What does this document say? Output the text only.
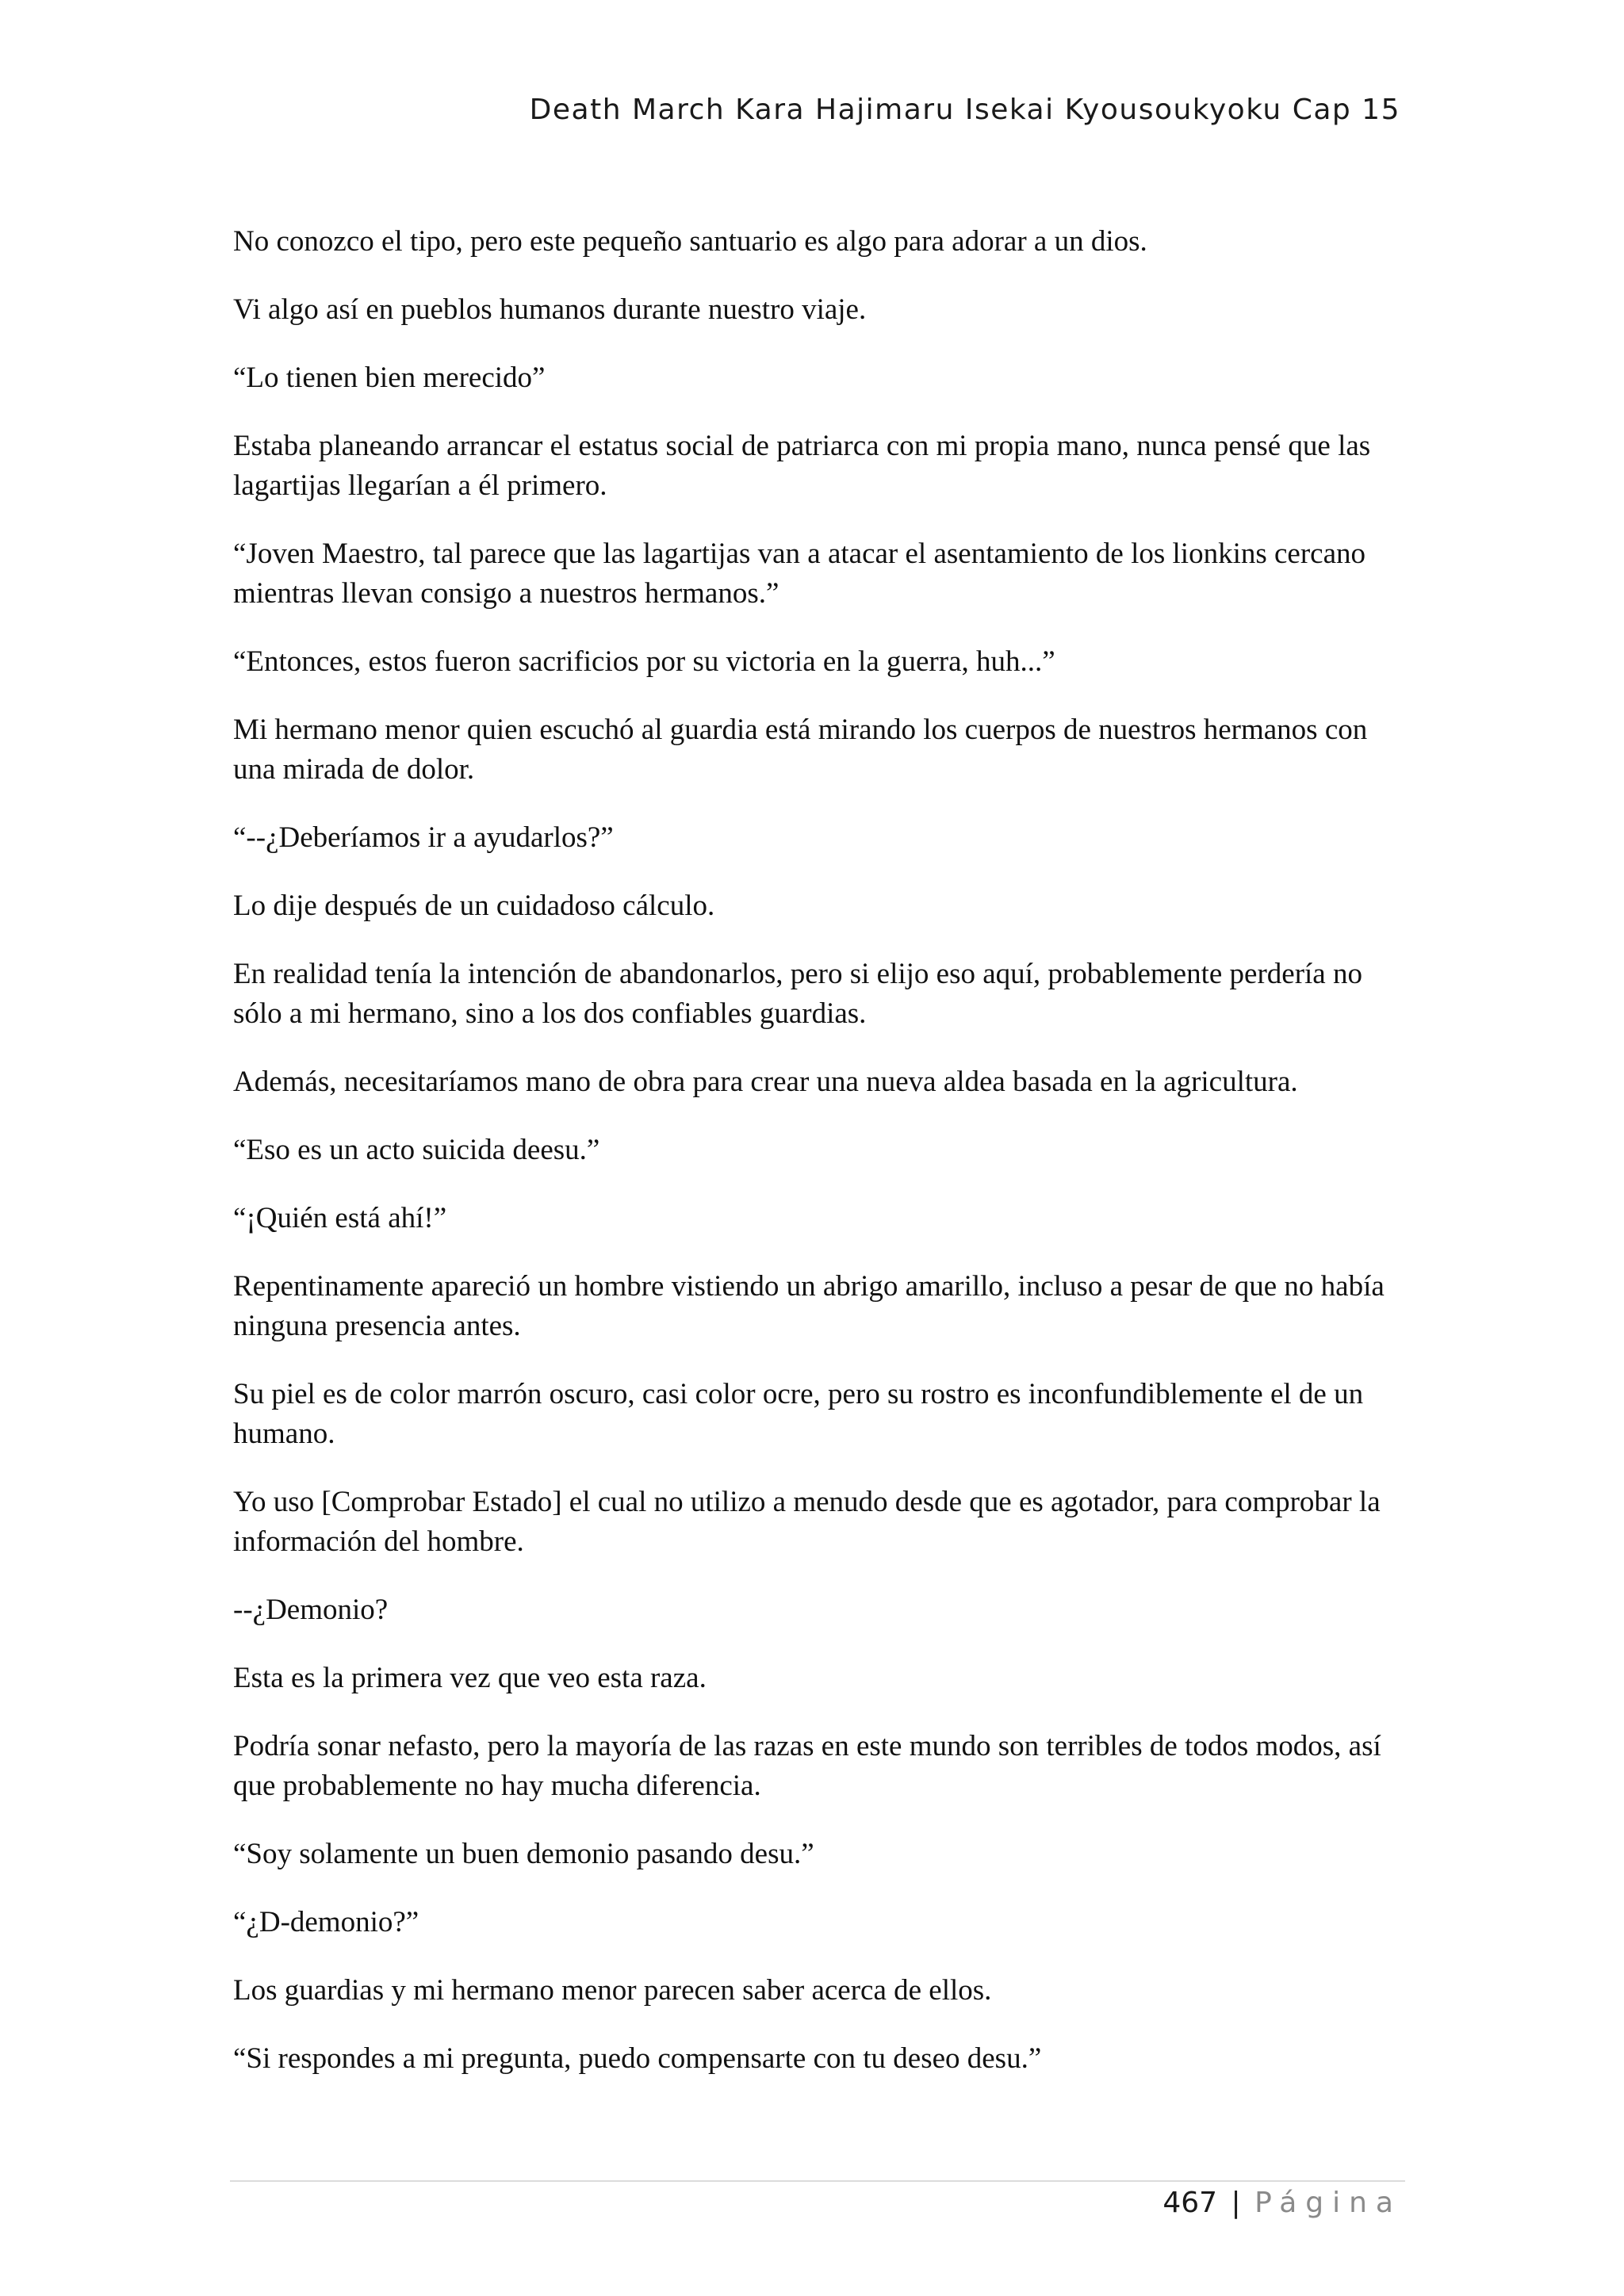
Death March Kara Hajimaru Isekai Kyousoukyoku Cap 15

No conozco el tipo, pero este pequeño santuario es algo para adorar a un dios.

Vi algo así en pueblos humanos durante nuestro viaje.

“Lo tienen bien merecido”

Estaba planeando arrancar el estatus social de patriarca con mi propia mano, nunca pensé que las lagartijas llegarían a él primero.

“Joven Maestro, tal parece que las lagartijas van a atacar el asentamiento de los lionkins cercano mientras llevan consigo a nuestros hermanos.”

“Entonces, estos fueron sacrificios por su victoria en la guerra, huh...”

Mi hermano menor quien escuchó al guardia está mirando los cuerpos de nuestros hermanos con una mirada de dolor.

“--¿Deberíamos ir a ayudarlos?”

Lo dije después de un cuidadoso cálculo.

En realidad tenía la intención de abandonarlos, pero si elijo eso aquí, probablemente perdería no sólo a mi hermano, sino a los dos confiables guardias.

Además, necesitaríamos mano de obra para crear una nueva aldea basada en la agricultura.

“Eso es un acto suicida deesu.”

“¡Quién está ahí!”

Repentinamente apareció un hombre vistiendo un abrigo amarillo, incluso a pesar de que no había ninguna presencia antes.

Su piel es de color marrón oscuro, casi color ocre, pero su rostro es inconfundiblemente el de un humano.

Yo uso [Comprobar Estado] el cual no utilizo a menudo desde que es agotador, para comprobar la información del hombre.

--¿Demonio?

Esta es la primera vez que veo esta raza.

Podría sonar nefasto, pero la mayoría de las razas en este mundo son terribles de todos modos, así que probablemente no hay mucha diferencia.

“Soy solamente un buen demonio pasando desu.”

“¿D-demonio?”

Los guardias y mi hermano menor parecen saber acerca de ellos.

“Si respondes a mi pregunta, puedo compensarte con tu deseo desu.”

467 | Página
